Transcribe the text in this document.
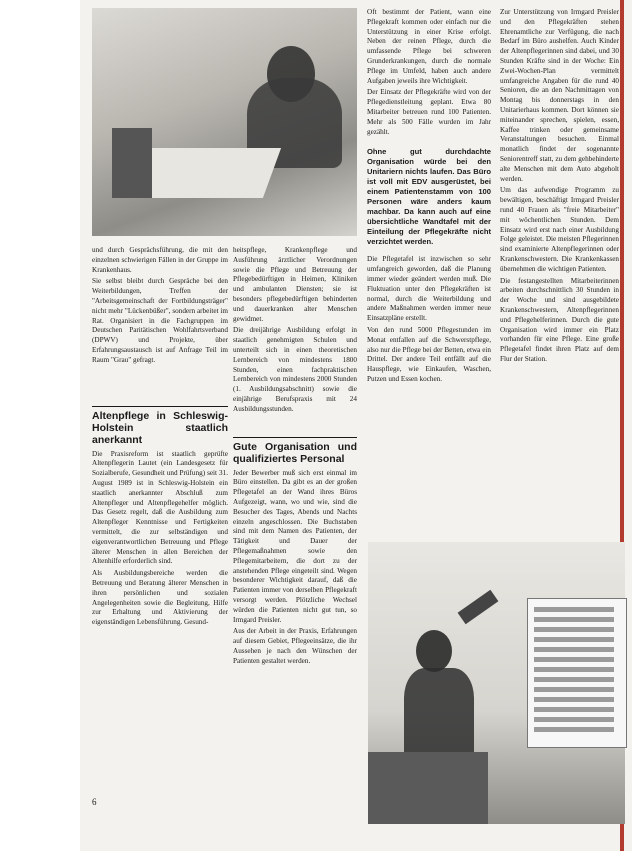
und durch Gesprächsführung, die mit den einzelnen schwierigen Fällen in der Gruppe im Krankenhaus.

Sie selbst bleibt durch Gespräche bei den Weiterbildungen, Treffen der "Arbeitsgemeinschaft der Fortbildungsträger" nicht mehr "Lückenbüßer", sondern arbeitet im Rat. Organisiert in die Fachgruppen im Deutschen Paritätischen Wohlfahrtsverband (DPWV) und Projekte, über Erfahrungsaustausch ist auf Anfrage Teil im Raum "Grau" gefragt.

Altenpflege in Schleswig-Holstein staatlich anerkannt

Die Praxisreform ist staatlich geprüfte Altenpflegerin Lautet (ein Landesgesetz für Sozialberufe, Gesundheit und Prüfung) seit 31. August 1989 ist in Schleswig-Holstein ein staatlich anerkannter Abschluß zum Altenpfleger und Altenpflegehelfer möglich. Das Gesetz regelt, daß die Ausbildung zum Altenpfleger Kenntnisse und Fertigkeiten vermittelt, die zur selbständigen und eigenverantwortlichen Betreuung und Pflege älterer Menschen in allen Bereichen der Altenhilfe erforderlich sind.

Als Ausbildungsbereiche werden die Betreuung und Beratung älterer Menschen in ihren persönlichen und sozialen Angelegenheiten sowie die Begleitung, Hilfe zur Erhaltung und Aktivierung der eigenständigen Lebensführung. Gesund-

heitspflege, Krankenpflege und Ausführung ärztlicher Verordnungen sowie die Pflege und Betreuung der Pflegebedürftigen in Heimen, Kliniken und ambulanten Diensten; sie ist besonders pflegebedürftigen behinderten und dauerkranken alter Menschen gewidmet.

Die dreijährige Ausbildung erfolgt in staatlich genehmigten Schulen und unterteilt sich in einen theoretischen Lernbereich von mindestens 1800 Stunden, einen fachpraktischen Lernbereich von mindestens 2000 Stunden (1. Ausbildungsabschnitt) sowie die einjährige Berufspraxis mit 24 Ausbildungsstunden.

Gute Organisation und qualifiziertes Personal

Jeder Bewerber muß sich erst einmal im Büro einstellen. Da gibt es an der großen Pflegetafel an der Wand ihres Büros Aufgezeigt, wann, wo und wie, sind die Besucher des Tages, Abends und Nachts einzeln angeschlossen. Die Buchstaben sind mit dem Namen des Patienten, der Tätigkeit und Dauer der Pflegemaßnahmen sowie den Pflegemitarbeitern, die dort zu der anstehenden Pflege eingeteilt sind. Wegen besonderer Wichtigkeit darauf, daß die Patienten immer von derselben Pflegekraft versorgt werden. Plötzliche Wechsel würden die Patienten nicht gut tun, so Irmgard Preisler.

Aus der Arbeit in der Praxis, Erfahrungen auf diesem Gebiet, Pflegeeinsätze, die ihr Aussehen je nach den Wünschen der Patienten gestaltet werden.

Oft bestimmt der Patient, wann eine Pflegekraft kommen oder einfach nur die Unterstützung in einer Krise erfolgt. Neben der reinen Pflege, durch die umfassende Pflege bei schweren Grunderkrankungen, durch die normale Pflege im Umfeld, haben auch andere Aufgaben jeweils ihre Wichtigkeit.

Der Einsatz der Pflegekräfte wird von der Pflegedienstleitung geplant. Etwa 80 Mitarbeiter betreuen rund 100 Patienten. Mehr als 500 Fälle wurden im Jahr gezählt.

Ohne gut durchdachte Organisation würde bei den Unitariern nichts laufen. Das Büro ist voll mit EDV ausgerüstet, bei einem Patientenstamm von 100 Personen wäre anders kaum machbar. Da kann auch auf eine übersichtliche Wandtafel mit der Einteilung der Pflegekräfte nicht verzichtet werden.

Die Pflegetafel ist inzwischen so sehr umfangreich geworden, daß die Planung immer wieder geändert werden muß. Die Fluktuation unter den Pflegekräften ist normal, durch die Weiterbildung und andere Maßnahmen werden immer neue Einsatzpläne erstellt.

Von den rund 5000 Pflegestunden im Monat entfallen auf die Schwerstpflege, also nur die Pflege bei der Betten, etwa ein Drittel. Der andere Teil entfällt auf die Hauspflege, wie Einkaufen, Waschen, Putzen und Essen kochen.

Zur Unterstützung von Irmgard Preisler und den Pflegekräften stehen Ehrenamtliche zur Verfügung, die nach Bedarf im Büro aushelfen. Auch Kinder der Altenpflegerinnen sind dabei, und 30 Stunden Kräfte sind in der Woche: Ein Zwei-Wochen-Plan vermittelt umfangreiche Angaben für die rund 40 Senioren, die an den Nachmittagen von Montag bis donnerstags in den Unitarierhaus kommen. Dort können sie miteinander sprechen, spielen, essen, Kaffee trinken oder gemeinsame Veranstaltungen besuchen. Einmal monatlich findet der sogenannte Seniorentreff statt, zu dem gehbehinderte alte Menschen mit dem Auto abgeholt werden.

Um das aufwendige Programm zu bewältigen, beschäftigt Irmgard Preisler rund 40 Frauen als "freie Mitarbeiter" mit wöchentlichen Stunden. Dem Einsatz wird erst nach einer Ausbildung Folge geleistet. Die meisten Pflegerinnen sind examinierte Altenpflegerinnen oder Krankenschwestern. Die Krankenkassen übernehmen die wichtigen Patienten.

Die festangestellten Mitarbeiterinnen arbeiten durchschnittlich 30 Stunden in der Woche und sind ausgebildete Krankenschwestern, Altenpflegerinnen und Pflegehelferinnen. Durch die gute Organisation wird immer ein Platz vorhanden für eine Pflege. Eine große Pflegetafel findet ihren Platz auf dem Flur der Station.

6
